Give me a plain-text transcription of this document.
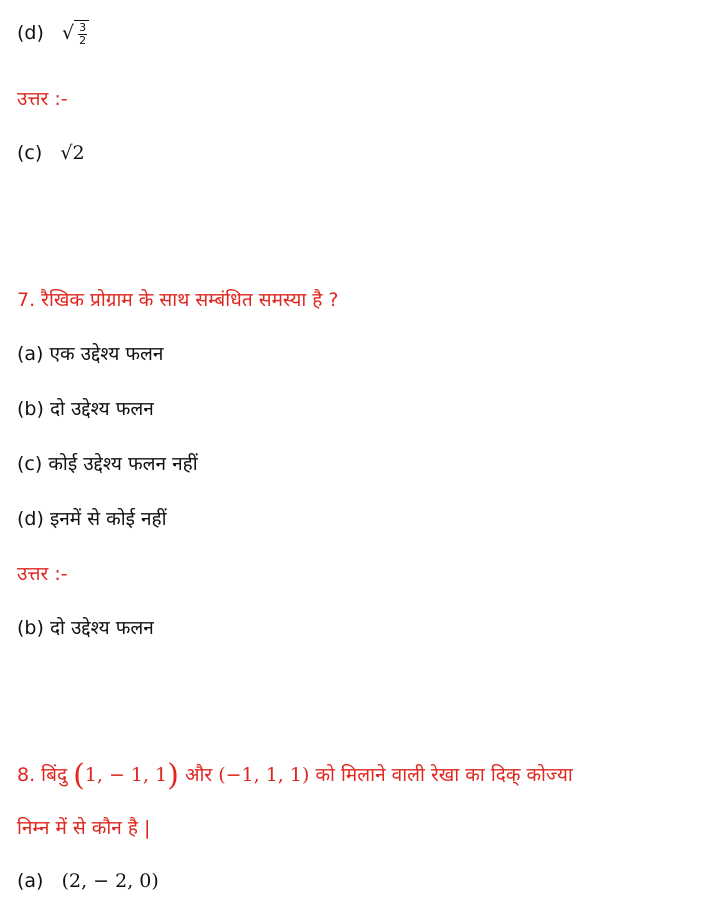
(d) √ $\frac{3}{2}$
उत्तर :-
(c) √2
7. रैखिक प्रोग्राम के साथ सम्बंधित समस्या है ?
(a) एक उद्देश्य फलन
(b) दो उद्देश्य फलन
(c) कोई उद्देश्य फलन नहीं
(d) इनमें से कोई नहीं
उत्तर :-
(b) दो उद्देश्य फलन
8. बिंदु (1, − 1, 1) और (−1, 1, 1) को मिलाने वाली रेखा का दिक् कोज्या
निम्न में से कौन है |
(a) (2, − 2, 0)
